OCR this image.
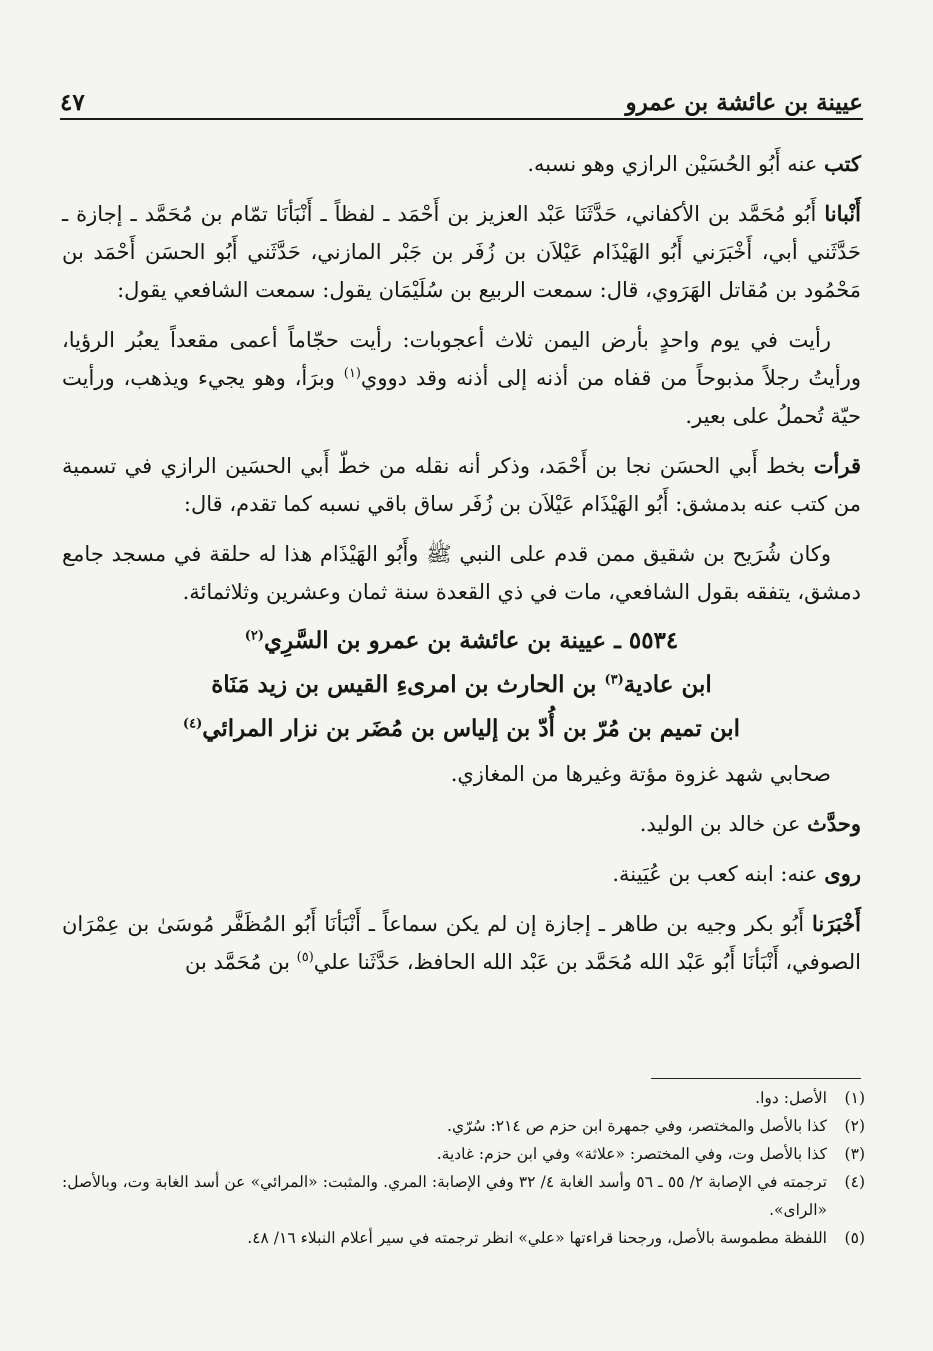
عيينة بن عائشة بن عمرو
٤٧

كتب عنه أَبُو الحُسَيْن الرازي وهو نسبه.

أَنْبانا أَبُو مُحَمَّد بن الأكفاني، حَدَّثَنَا عَبْد العزيز بن أَحْمَد ـ لفظاً ـ أَنْبَأنَا تمّام بن مُحَمَّد ـ إجازة ـ حَدَّثَني أبي، أَخْبَرَني أَبُو الهَيْذَام عَيْلاَن بن زُفَر بن جَبْر المازني، حَدَّثَني أَبُو الحسَن أَحْمَد بن مَحْمُود بن مُقاتل الهَرَوي، قال: سمعت الربيع بن سُلَيْمَان يقول: سمعت الشافعي يقول:

رأيت في يوم واحدٍ بأرض اليمن ثلاث أعجوبات: رأيت حجّاماً أعمى مقعداً يعبُر الرؤيا، ورأيتُ رجلاً مذبوحاً من قفاه من أذنه إلى أذنه وقد دووي$^{(١)}$ وبرَأ، وهو يجيء ويذهب، ورأيت حيّة تُحملُ على بعير.

قرأت بخط أَبي الحسَن نجا بن أَحْمَد، وذكر أنه نقله من خطّ أَبي الحسَين الرازي في تسمية من كتب عنه بدمشق: أَبُو الهَيْذَام عَيْلاَن بن زُفَر ساق باقي نسبه كما تقدم، قال:

وكان شُرَيح بن شقيق ممن قدم على النبي ﷺ وأَبُو الهَيْذَام هذا له حلقة في مسجد جامع دمشق، يتفقه بقول الشافعي، مات في ذي القعدة سنة ثمان وعشرين وثلاثمائة.

٥٥٣٤ ـ عيينة بن عائشة بن عمرو بن السَّرِي$^{(٢)}$
ابن عادية$^{(٣)}$ بن الحارث بن امرىءِ القيس بن زيد مَنَاة
ابن تميم بن مُرّ بن أُدّ بن إلياس بن مُضَر بن نزار المرائي$^{(٤)}$

صحابي شهد غزوة مؤتة وغيرها من المغازي.

وحدَّث عن خالد بن الوليد.

روى عنه: ابنه كعب بن عُيَينة.

أَخْبَرَنا أَبُو بكر وجيه بن طاهر ـ إجازة إن لم يكن سماعاً ـ أَنْبَأنَا أَبُو المُظَفَّر مُوسَىٰ بن عِمْرَان الصوفي، أَنْبَأنَا أَبُو عَبْد الله مُحَمَّد بن عَبْد الله الحافظ، حَدَّثَنا علي$^{(٥)}$ بن مُحَمَّد بن

(١)
الأصل: دوا.
(٢)
كذا بالأصل والمختصر، وفي جمهرة ابن حزم ص ٢١٤: سُرّي.
(٣)
كذا بالأصل وت، وفي المختصر: «علاثة» وفي ابن حزم: غادية.
(٤)
ترجمته في الإصابة ٢/ ٥٥ ـ ٥٦ وأسد الغابة ٤/ ٣٢ وفي الإصابة: المري. والمثبت: «المرائي» عن أسد الغابة وت، وبالأصل: «الراى».
(٥)
اللفظة مطموسة بالأصل، ورجحنا قراءتها «علي» انظر ترجمته في سير أعلام النبلاء ١٦/ ٤٨.
